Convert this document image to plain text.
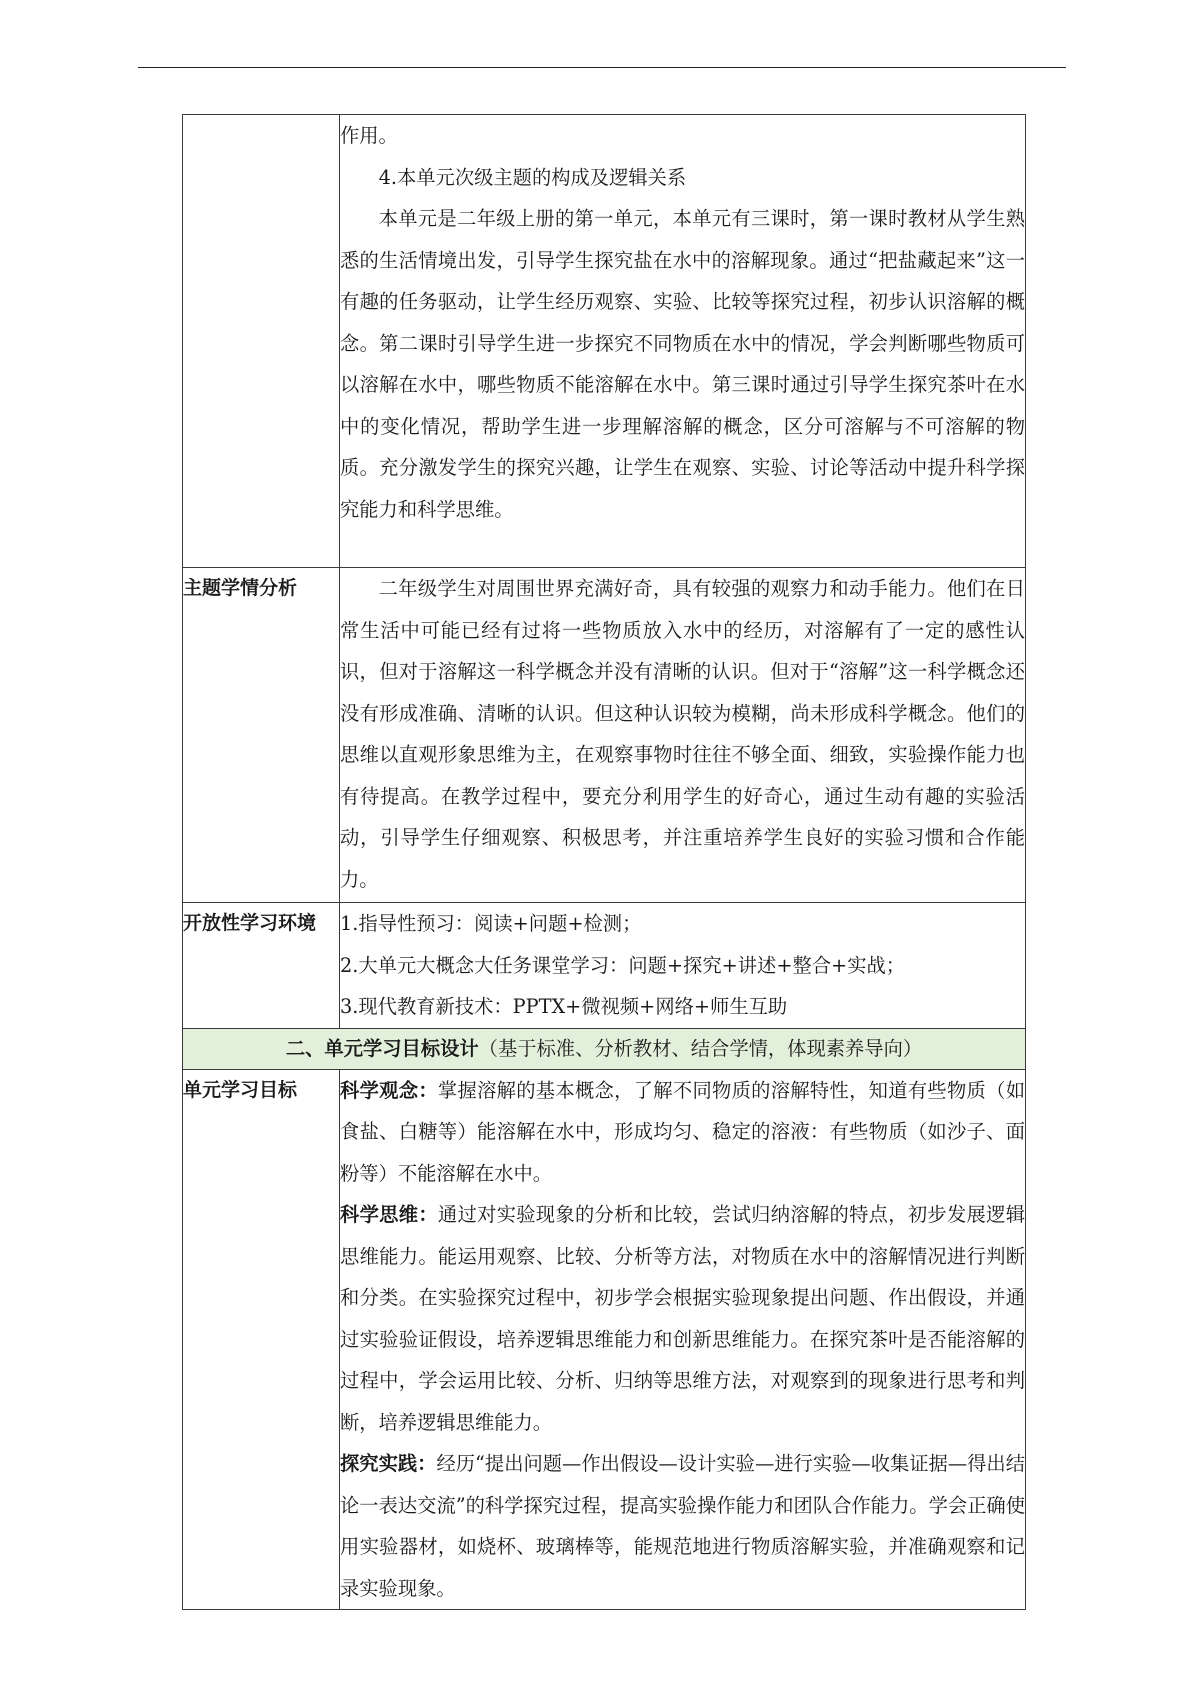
	作用。

4.本单元次级主题的构成及逻辑关系

本单元是二年级上册的第一单元，本单元有三课时，第一课时教材从学生熟悉的生活情境出发，引导学生探究盐在水中的溶解现象。通过“把盐藏起来”这一有趣的任务驱动，让学生经历观察、实验、比较等探究过程，初步认识溶解的概念。第二课时引导学生进一步探究不同物质在水中的情况，学会判断哪些物质可以溶解在水中，哪些物质不能溶解在水中。第三课时通过引导学生探究茶叶在水中的变化情况，帮助学生进一步理解溶解的概念，区分可溶解与不可溶解的物质。充分激发学生的探究兴趣，让学生在观察、实验、讨论等活动中提升科学探究能力和科学思维。

主题学情分析	二年级学生对周围世界充满好奇，具有较强的观察力和动手能力。他们在日常生活中可能已经有过将一些物质放入水中的经历，对溶解有了一定的感性认识，但对于溶解这一科学概念并没有清晰的认识。但对于“溶解”这一科学概念还没有形成准确、清晰的认识。但这种认识较为模糊，尚未形成科学概念。他们的思维以直观形象思维为主，在观察事物时往往不够全面、细致，实验操作能力也有待提高。在教学过程中，要充分利用学生的好奇心，通过生动有趣的实验活动，引导学生仔细观察、积极思考，并注重培养学生良好的实验习惯和合作能力。

开放性学习环境	1.指导性预习：阅读+问题+检测；

2.大单元大概念大任务课堂学习：问题+探究+讲述+整合+实战；

3.现代教育新技术：PPTX+微视频+网络+师生互助

二、单元学习目标设计（基于标准、分析教材、结合学情，体现素养导向）	
单元学习目标	科学观念：掌握溶解的基本概念，了解不同物质的溶解特性，知道有些物质（如食盐、白糖等）能溶解在水中，形成均匀、稳定的溶液：有些物质（如沙子、面粉等）不能溶解在水中。

科学思维：通过对实验现象的分析和比较，尝试归纳溶解的特点，初步发展逻辑思维能力。能运用观察、比较、分析等方法，对物质在水中的溶解情况进行判断和分类。在实验探究过程中，初步学会根据实验现象提出问题、作出假设，并通过实验验证假设，培养逻辑思维能力和创新思维能力。在探究茶叶是否能溶解的过程中，学会运用比较、分析、归纳等思维方法，对观察到的现象进行思考和判断，培养逻辑思维能力。

探究实践：经历“提出问题—作出假设—设计实验—进行实验—收集证据—得出结论一表达交流”的科学探究过程，提高实验操作能力和团队合作能力。学会正确使用实验器材，如烧杯、玻璃棒等，能规范地进行物质溶解实验，并准确观察和记录实验现象。
